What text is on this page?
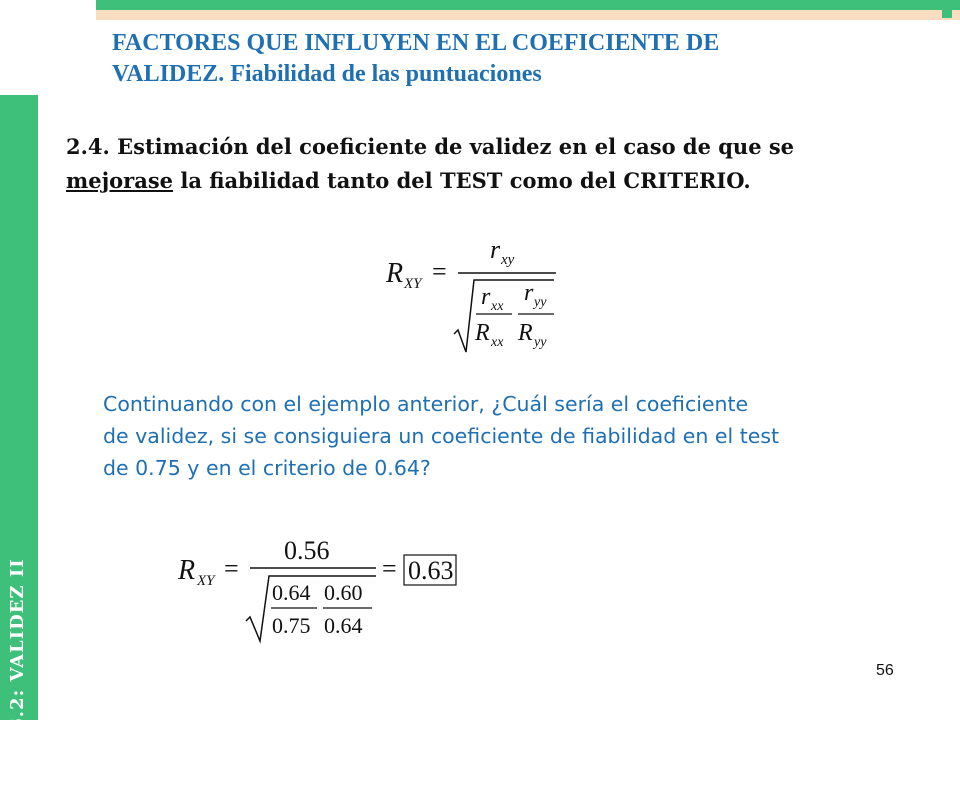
TEMA 6.2: VALIDEZ II
FACTORES QUE INFLUYEN EN EL COEFICIENTE DE
VALIDEZ. Fiabilidad de las puntuaciones
2.4. Estimación del coeficiente de validez en el caso de que se
mejorase la fiabilidad tanto del TEST como del CRITERIO.
R XY =
r xy
r xx
R xx
r yy
R yy
Continuando con el ejemplo anterior, ¿Cuál sería el coeficiente
de validez, si se consiguiera un coeficiente de fiabilidad en el test
de 0.75 y en el criterio de 0.64?
R XY =
0.56
0.64
0.75
0.60
0.64
= 0.63
56
